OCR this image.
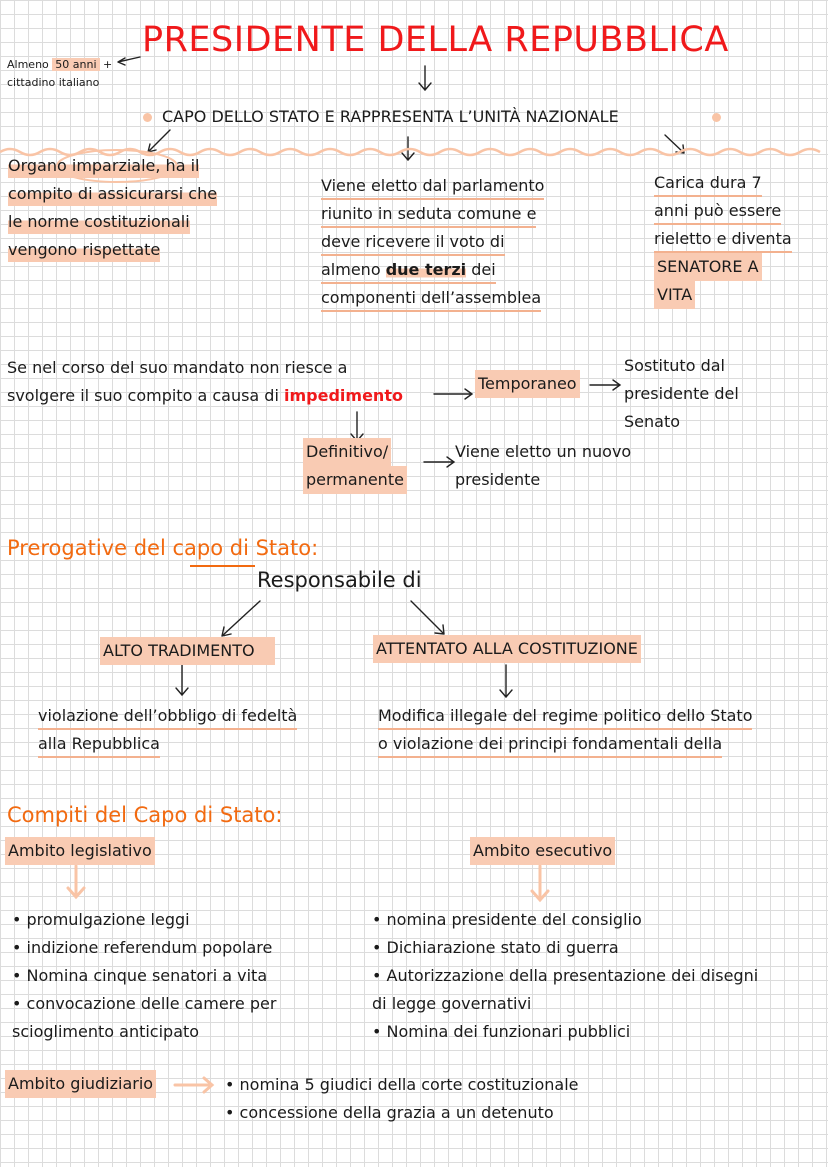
PRESIDENTE DELLA REPUBBLICA
Almeno 50 anni +
cittadino italiano
CAPO DELLO STATO E RAPPRESENTA L’UNITÀ NAZIONALE
Organo imparziale, ha il
compito di assicurarsi che
le norme costituzionali
vengono rispettate
Viene eletto dal parlamento
riunito in seduta comune e
deve ricevere il voto di
almeno due terzi dei
componenti dell’assemblea
Carica dura 7
anni può essere
rieletto e diventa
SENATORE A
VITA
Se nel corso del suo mandato non riesce a
svolgere il suo compito a causa di impedimento
Temporaneo
Sostituto dal
presidente del
Senato
Definitivo/
permanente
Viene eletto un nuovo
presidente
Prerogative del capo di Stato:
Responsabile di
ALTO TRADIMENTO	ATTENTATO ALLA COSTITUZIONE
violazione dell’obbligo di fedeltà
alla Repubblica
Modifica illegale del regime politico dello Stato
o violazione dei principi fondamentali della
Compiti del Capo di Stato:
Ambito legislativo	Ambito esecutivo
• promulgazione leggi
• indizione referendum popolare
• Nomina cinque senatori a vita
• convocazione delle camere per
scioglimento anticipato
• nomina presidente del consiglio
• Dichiarazione stato di guerra
• Autorizzazione della presentazione dei disegni
di legge governativi
• Nomina dei funzionari pubblici
Ambito giudiziario	• nomina 5 giudici della corte costituzionale
• concessione della grazia a un detenuto
